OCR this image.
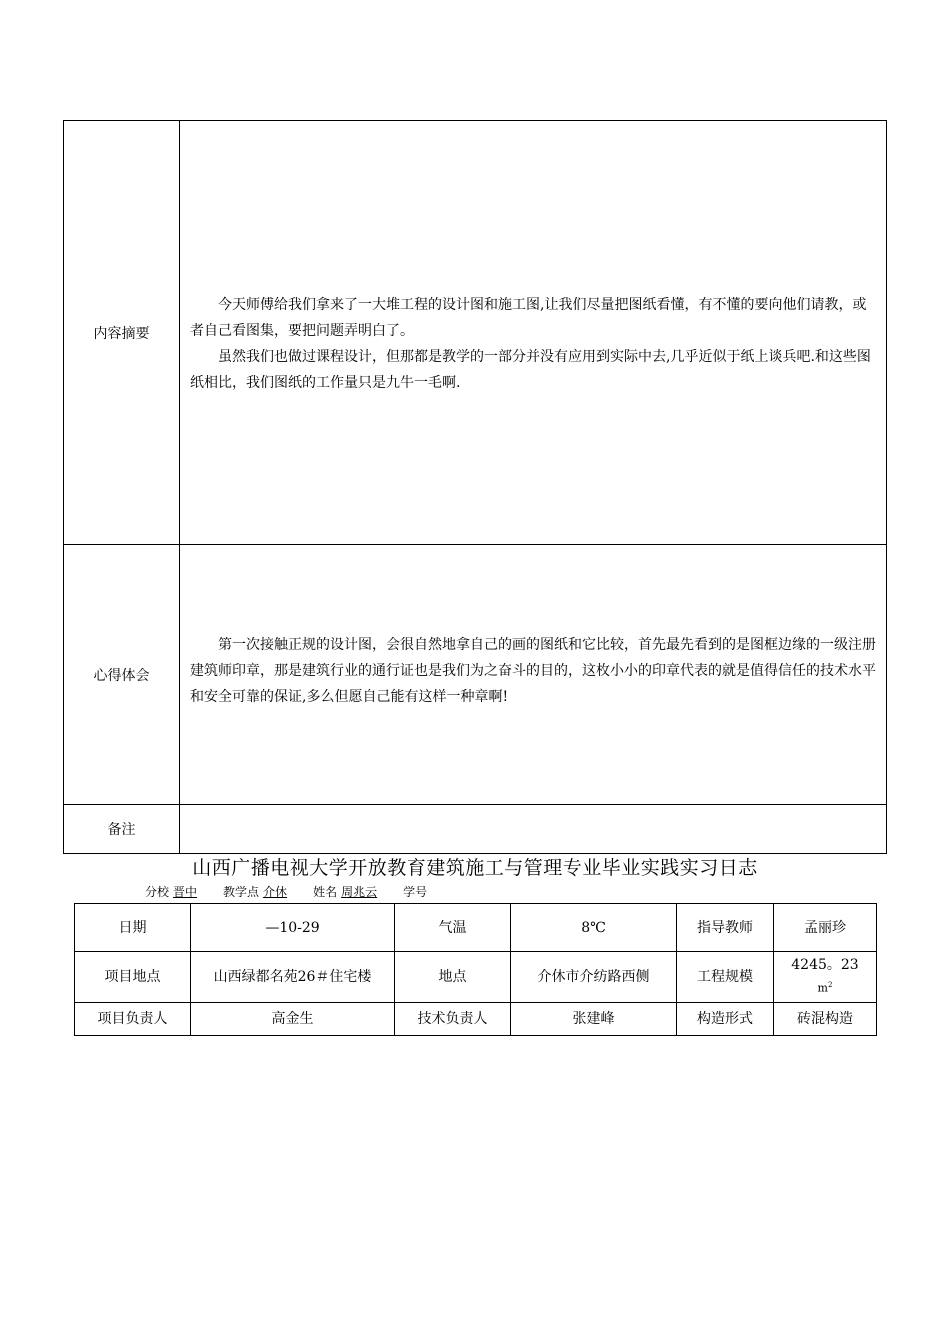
内容摘要	今天师傅给我们拿来了一大堆工程的设计图和施工图,让我们尽量把图纸看懂，有不懂的要向他们请教，或者自己看图集，要把问题弄明白了。

虽然我们也做过课程设计，但那都是教学的一部分并没有应用到实际中去,几乎近似于纸上谈兵吧.和这些图纸相比，我们图纸的工作量只是九牛一毛啊.

心得体会	第一次接触正规的设计图，会很自然地拿自己的画的图纸和它比较，首先最先看到的是图框边缘的一级注册建筑师印章，那是建筑行业的通行证也是我们为之奋斗的目的，这枚小小的印章代表的就是值得信任的技术水平和安全可靠的保证,多么但愿自己能有这样一种章啊!

备注	
山西广播电视大学开放教育建筑施工与管理专业毕业实践实习日志
分校 晋中 教学点 介休 姓名 周兆云 学号
日期	—10-29	气温	8℃	指导教师	孟丽珍
项目地点	山西绿都名苑26＃住宅楼	地点	介休市介纺路西侧	工程规模	4245。23
$m^2$

项目负责人	高金生	技术负责人	张建峰	构造形式	砖混构造
